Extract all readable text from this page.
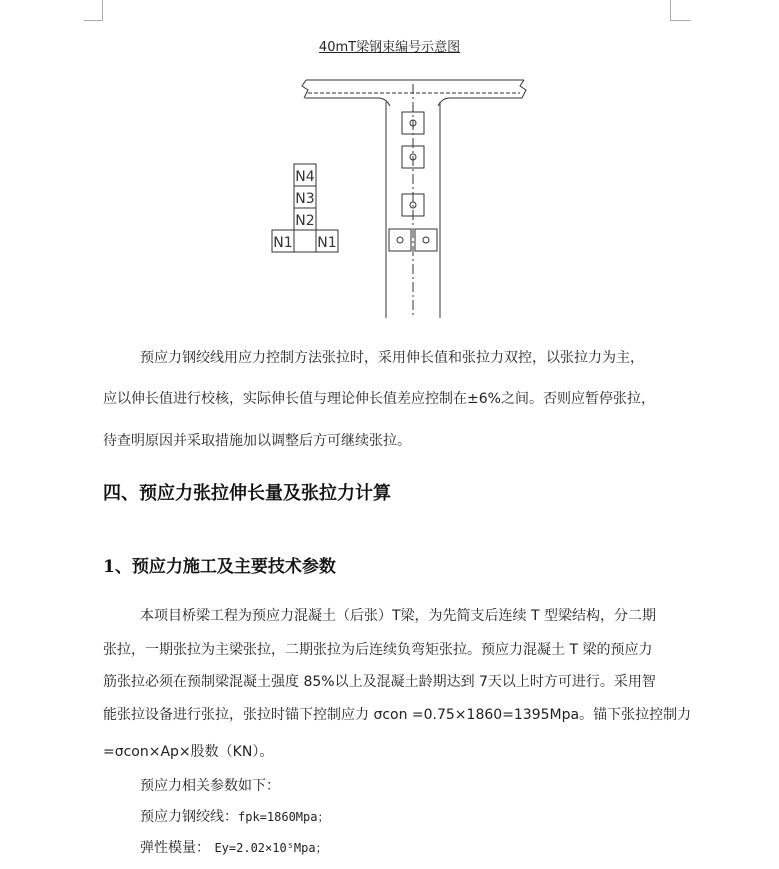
40mT梁钢束编号示意图
N4
N3
N2
N1 N1
预应力钢绞线用应力控制方法张拉时，采用伸长值和张拉力双控，以张拉力为主，
应以伸长值进行校核，实际伸长值与理论伸长值差应控制在±6%之间。否则应暂停张拉，
待查明原因并采取措施加以调整后方可继续张拉。
四、预应力张拉伸长量及张拉力计算
1、预应力施工及主要技术参数
本项目桥梁工程为预应力混凝土（后张）T梁，为先简支后连续 T 型梁结构，分二期
张拉，一期张拉为主梁张拉，二期张拉为后连续负弯矩张拉。预应力混凝土 T 梁的预应力
筋张拉必须在预制梁混凝土强度 85%以上及混凝土龄期达到 7天以上时方可进行。采用智
能张拉设备进行张拉，张拉时锚下控制应力 σcon =0.75×1860=1395Mpa。锚下张拉控制力
=σcon×Ap×股数（KN）。
预应力相关参数如下：
预应力钢绞线：fpk=1860Mpa；
弹性模量： Ey=2.02×10⁵Mpa；
